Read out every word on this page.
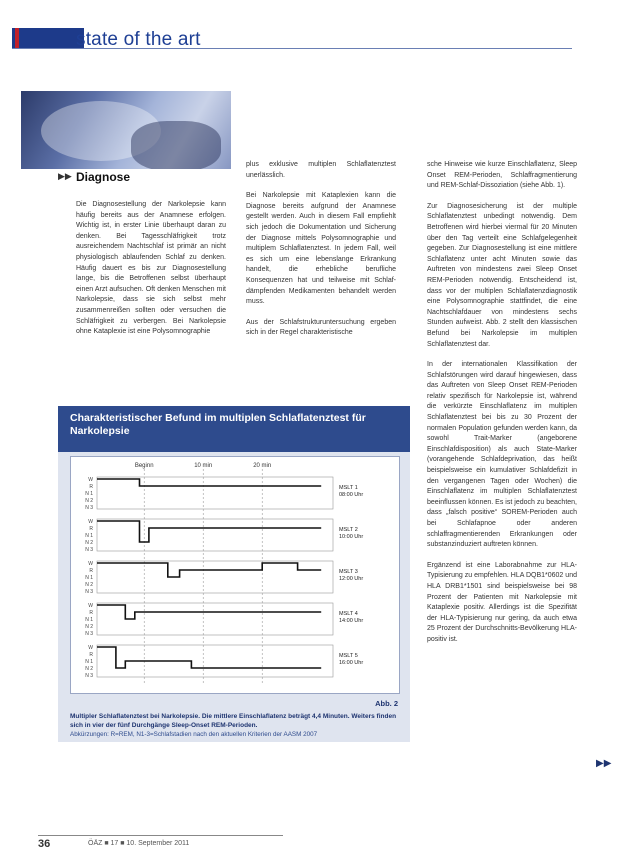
state of the art
▶▶ Diagnose

Die Diagnosestellung der Narkolepsie kann häufig bereits aus der Anamnese erfolgen. Wichtig ist, in erster Linie überhaupt daran zu denken. Bei Tagesschläfrigkeit trotz ausreichendem Nachtschlaf ist primär an nicht physiologisch ablaufenden Schlaf zu denken. Häufig dauert es bis zur Diagnosestellung lange, bis die Betroffenen selbst überhaupt einen Arzt aufsuchen. Oft denken Menschen mit Narkolepsie, dass sie sich selbst mehr zusammenreißen sollten oder versuchen die Schläfrigkeit zu verbergen. Bei Narkolepsie ohne Kataplexie ist eine Polysomnographie

plus exklusive multiplen Schlaflatenztest unerlässlich.

Bei Narkolepsie mit Kataplexien kann die Diagnose bereits aufgrund der Anamnese gestellt werden. Auch in diesem Fall empfiehlt sich jedoch die Dokumentation und Sicherung der Diagnose mittels Polysomnographie und multiplem Schlaflatenztest. In jedem Fall, weil es sich um eine lebenslange Erkrankung handelt, die erhebliche berufliche Konsequenzen hat und teilweise mit Schlaf-dämpfenden Medikamenten behandelt werden muss.

Aus der Schlafstrukturuntersuchung ergeben sich in der Regel charakteristische

sche Hinweise wie kurze Einschlaflatenz, Sleep Onset REM-Perioden, Schlaffragmentierung und REM-Schlaf-Dissoziation (siehe Abb. 1).

Zur Diagnosesicherung ist der multiple Schlaflatenztest unbedingt notwendig. Dem Betroffenen wird hierbei viermal für 20 Minuten über den Tag verteilt eine Schlafgelegenheit gegeben. Zur Diagnosestellung ist eine mittlere Schlaflatenz unter acht Minuten sowie das Auftreten von mindestens zwei Sleep Onset REM-Perioden notwendig. Entscheidend ist, dass vor der multiplen Schlaflatenzdiagnostik eine Polysomnographie stattfindet, die eine Nachtschlafdauer von mindestens sechs Stunden aufweist. Abb. 2 stellt den klassischen Befund bei Narkolepsie im multiplen Schlaflatenztest dar.

In der internationalen Klassifikation der Schlafstörungen wird darauf hingewiesen, dass das Auftreten von Sleep Onset REM-Perioden relativ spezifisch für Narkolepsie ist, während die verkürzte Einschlaflatenz im multiplen Schlaflatenztest bei bis zu 30 Prozent der normalen Population gefunden werden kann, da sowohl Trait-Marker (angeborene Einschlafdisposition) als auch State-Marker (vorangehende Schlafdeprivation, das heißt beispielsweise ein kumulativer Schlafdefizit in den vergangenen Tagen oder Wochen) die Einschlaflatenz im multiplen Schlaflatenztest beeinflussen können. Es ist jedoch zu beachten, dass „falsch positive“ SOREM-Perioden auch bei Schlafapnoe oder anderen schlaffragmentierenden Erkrankungen oder substanzinduziert auftreten können.

Ergänzend ist eine Laborabnahme zur HLA-Typisierung zu empfehlen. HLA DQB1*0602 und HLA DRB1*1501 sind beispielsweise bei 98 Prozent der Patienten mit Narkolepsie mit Kataplexie positiv. Allerdings ist die Spezifität der HLA-Typisierung nur gering, da auch etwa 25 Prozent der Durchschnitts-Bevölkerung HLA-positiv ist.

Charakteristischer Befund im multiplen Schlaflatenztest für Narkolepsie
Beginn	10 min	20 min
W
R
N 1
N 2
N 3
MSLT 1
08:00 Uhr
W
R
N 1
N 2
N 3
MSLT 2
10:00 Uhr
W
R
N 1
N 2
N 3
MSLT 3
12:00 Uhr
W
R
N 1
N 2
N 3
MSLT 4
14:00 Uhr
W
R
N 1
N 2
N 3
MSLT 5
16:00 Uhr
Abb. 2
Multipler Schlaflatenztest bei Narkolepsie. Die mittlere Einschlaflatenz beträgt 4,4 Minuten. Weiters finden sich in vier der fünf Durchgänge Sleep-Onset REM-Perioden.
Abkürzungen: R=REM, N1-3=Schlafstadien nach den aktuellen Kriterien der AASM 2007
▶▶
36	ÖÄZ ■ 17 ■ 10. September 2011
